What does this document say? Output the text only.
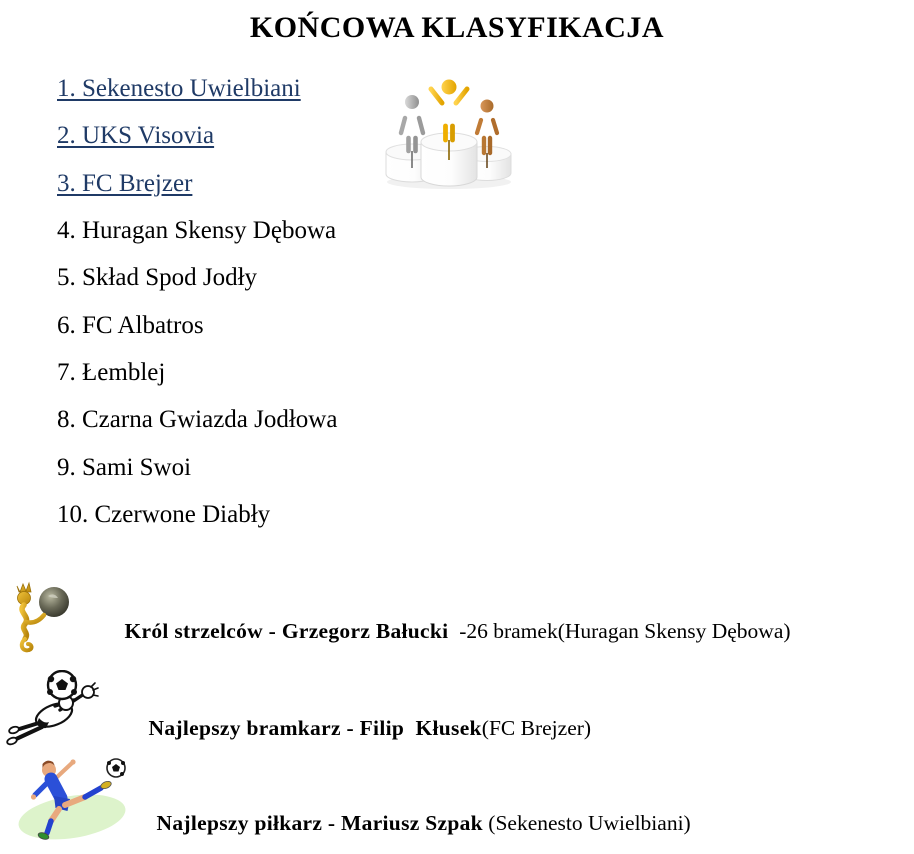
KOŃCOWA KLASYFIKACJA
1. Sekenesto Uwielbiani
2. UKS Visovia
3. FC Brejzer
4. Huragan Skensy Dębowa
5. Skład Spod Jodły
6. FC Albatros
7. Łemblej
8. Czarna Gwiazda Jodłowa
9. Sami Swoi
10. Czerwone Diabły

Król strzelców - Grzegorz Bałucki  -26 bramek(Huragan Skensy Dębowa)

Najlepszy bramkarz - Filip  Kłusek(FC Brejzer)

Najlepszy piłkarz - Mariusz Szpak (Sekenesto Uwielbiani)
